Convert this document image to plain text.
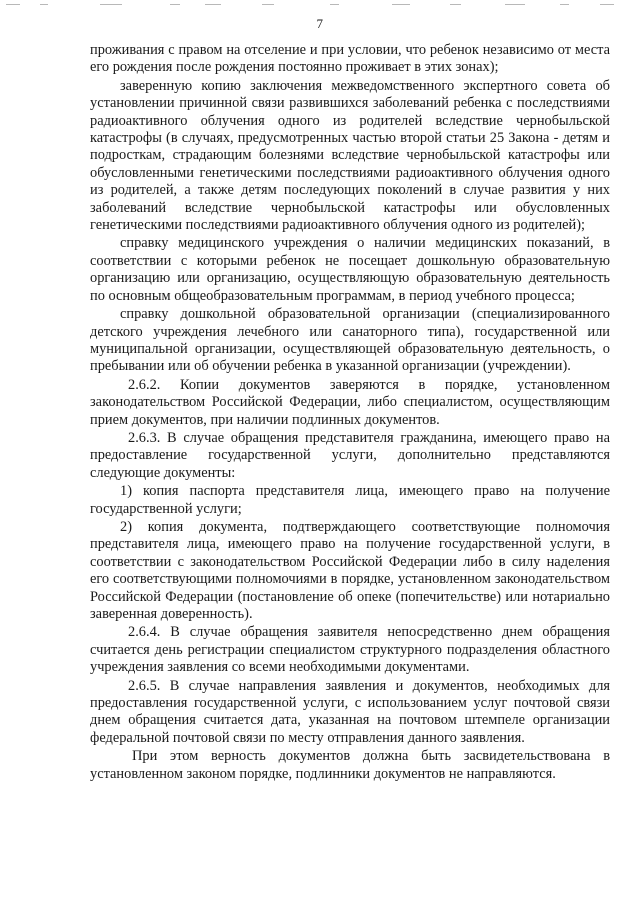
7

проживания с правом на отселение и при условии, что ребенок независимо от места его рождения после рождения постоянно проживает в этих зонах);

заверенную копию заключения межведомственного экспертного совета об установлении причинной связи развившихся заболеваний ребенка с последствиями радиоактивного облучения одного из родителей вследствие чернобыльской катастрофы (в случаях, предусмотренных частью второй статьи 25 Закона - детям и подросткам, страдающим болезнями вследствие чернобыльской катастрофы или обусловленными генетическими последствиями радиоактивного облучения одного из родителей, а также детям последующих поколений в случае развития у них заболеваний вследствие чернобыльской катастрофы или обусловленных генетическими последствиями радиоактивного облучения одного из родителей);

справку медицинского учреждения о наличии медицинских показаний, в соответствии с которыми ребенок не посещает дошкольную образовательную организацию или организацию, осуществляющую образовательную деятельность по основным общеобразовательным программам, в период учебного процесса;

справку дошкольной образовательной организации (специализированного детского учреждения лечебного или санаторного типа), государственной или муниципальной организации, осуществляющей образовательную деятельность, о пребывании или об обучении ребенка в указанной организации (учреждении).

2.6.2. Копии документов заверяются в порядке, установленном законодательством Российской Федерации, либо специалистом, осуществляющим прием документов, при наличии подлинных документов.

2.6.3. В случае обращения представителя гражданина, имеющего право на предоставление государственной услуги, дополнительно представляются следующие документы:

1) копия паспорта представителя лица, имеющего право на получение государственной услуги;

2) копия документа, подтверждающего соответствующие полномочия представителя лица, имеющего право на получение государственной услуги, в соответствии с законодательством Российской Федерации либо в силу наделения его соответствующими полномочиями в порядке, установленном законодательством Российской Федерации (постановление об опеке (попечительстве) или нотариально заверенная доверенность).

2.6.4. В случае обращения заявителя непосредственно днем обращения считается день регистрации специалистом структурного подразделения областного учреждения заявления со всеми необходимыми документами.

2.6.5. В случае направления заявления и документов, необходимых для предоставления государственной услуги, с использованием услуг почтовой связи днем обращения считается дата, указанная на почтовом штемпеле организации федеральной почтовой связи по месту отправления данного заявления.

При этом верность документов должна быть засвидетельствована в установленном законом порядке, подлинники документов не направляются.
